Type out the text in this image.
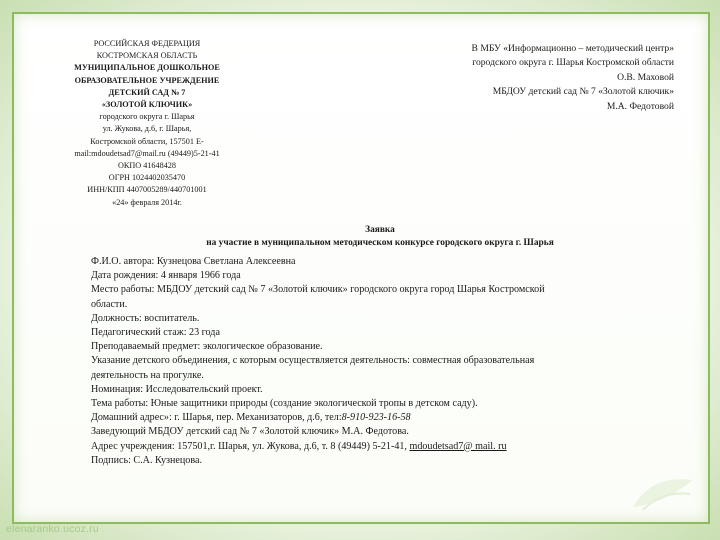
РОССИЙСКАЯ ФЕДЕРАЦИЯ
КОСТРОМСКАЯ ОБЛАСТЬ
МУНИЦИПАЛЬНОЕ ДОШКОЛЬНОЕ
ОБРАЗОВАТЕЛЬНОЕ УЧРЕЖДЕНИЕ
ДЕТСКИЙ САД № 7
«ЗОЛОТОЙ КЛЮЧИК»
городского округа г. Шарья
ул. Жукова, д.6, г. Шарья,
Костромской области, 157501 E-
mail:mdoudetsad7@mail.ru (49449)5-21-41
ОКПО 41648428
ОГРН 1024402035470
ИНН/КПП 4407005289/440701001
«24» февраля 2014г.
В МБУ «Информационно – методический центр»
городского округа г. Шарья Костромской области
О.В. Маховой
МБДОУ детский сад № 7 «Золотой ключик»
М.А. Федотовой
Заявка
на участие в муниципальном методическом конкурсе городского округа г. Шарья
Ф.И.О. автора: Кузнецова Светлана Алексеевна
Дата рождения: 4 января 1966 года
Место работы: МБДОУ детский сад № 7 «Золотой ключик» городского округа город Шарья Костромской
области.
Должность: воспитатель.
Педагогический стаж: 23 года
Преподаваемый предмет: экологическое образование.
Указание детского объединения, с которым осуществляется деятельность: совместная образовательная
деятельность на прогулке.
Номинация: Исследовательский проект.
Тема работы: Юные защитники природы (создание экологической тропы в детском саду).
Домашний адрес»: г. Шарья, пер. Механизаторов, д.6, тел:8-910-923-16-58
Заведующий МБДОУ детский сад № 7 «Золотой ключик» М.А. Федотова.
Адрес учреждения: 157501,г. Шарья, ул. Жукова, д.6, т. 8 (49449) 5-21-41, mdoudetsad7@ mail. ru
Подпись: С.А. Кузнецова.
elenaranko.ucoz.ru
